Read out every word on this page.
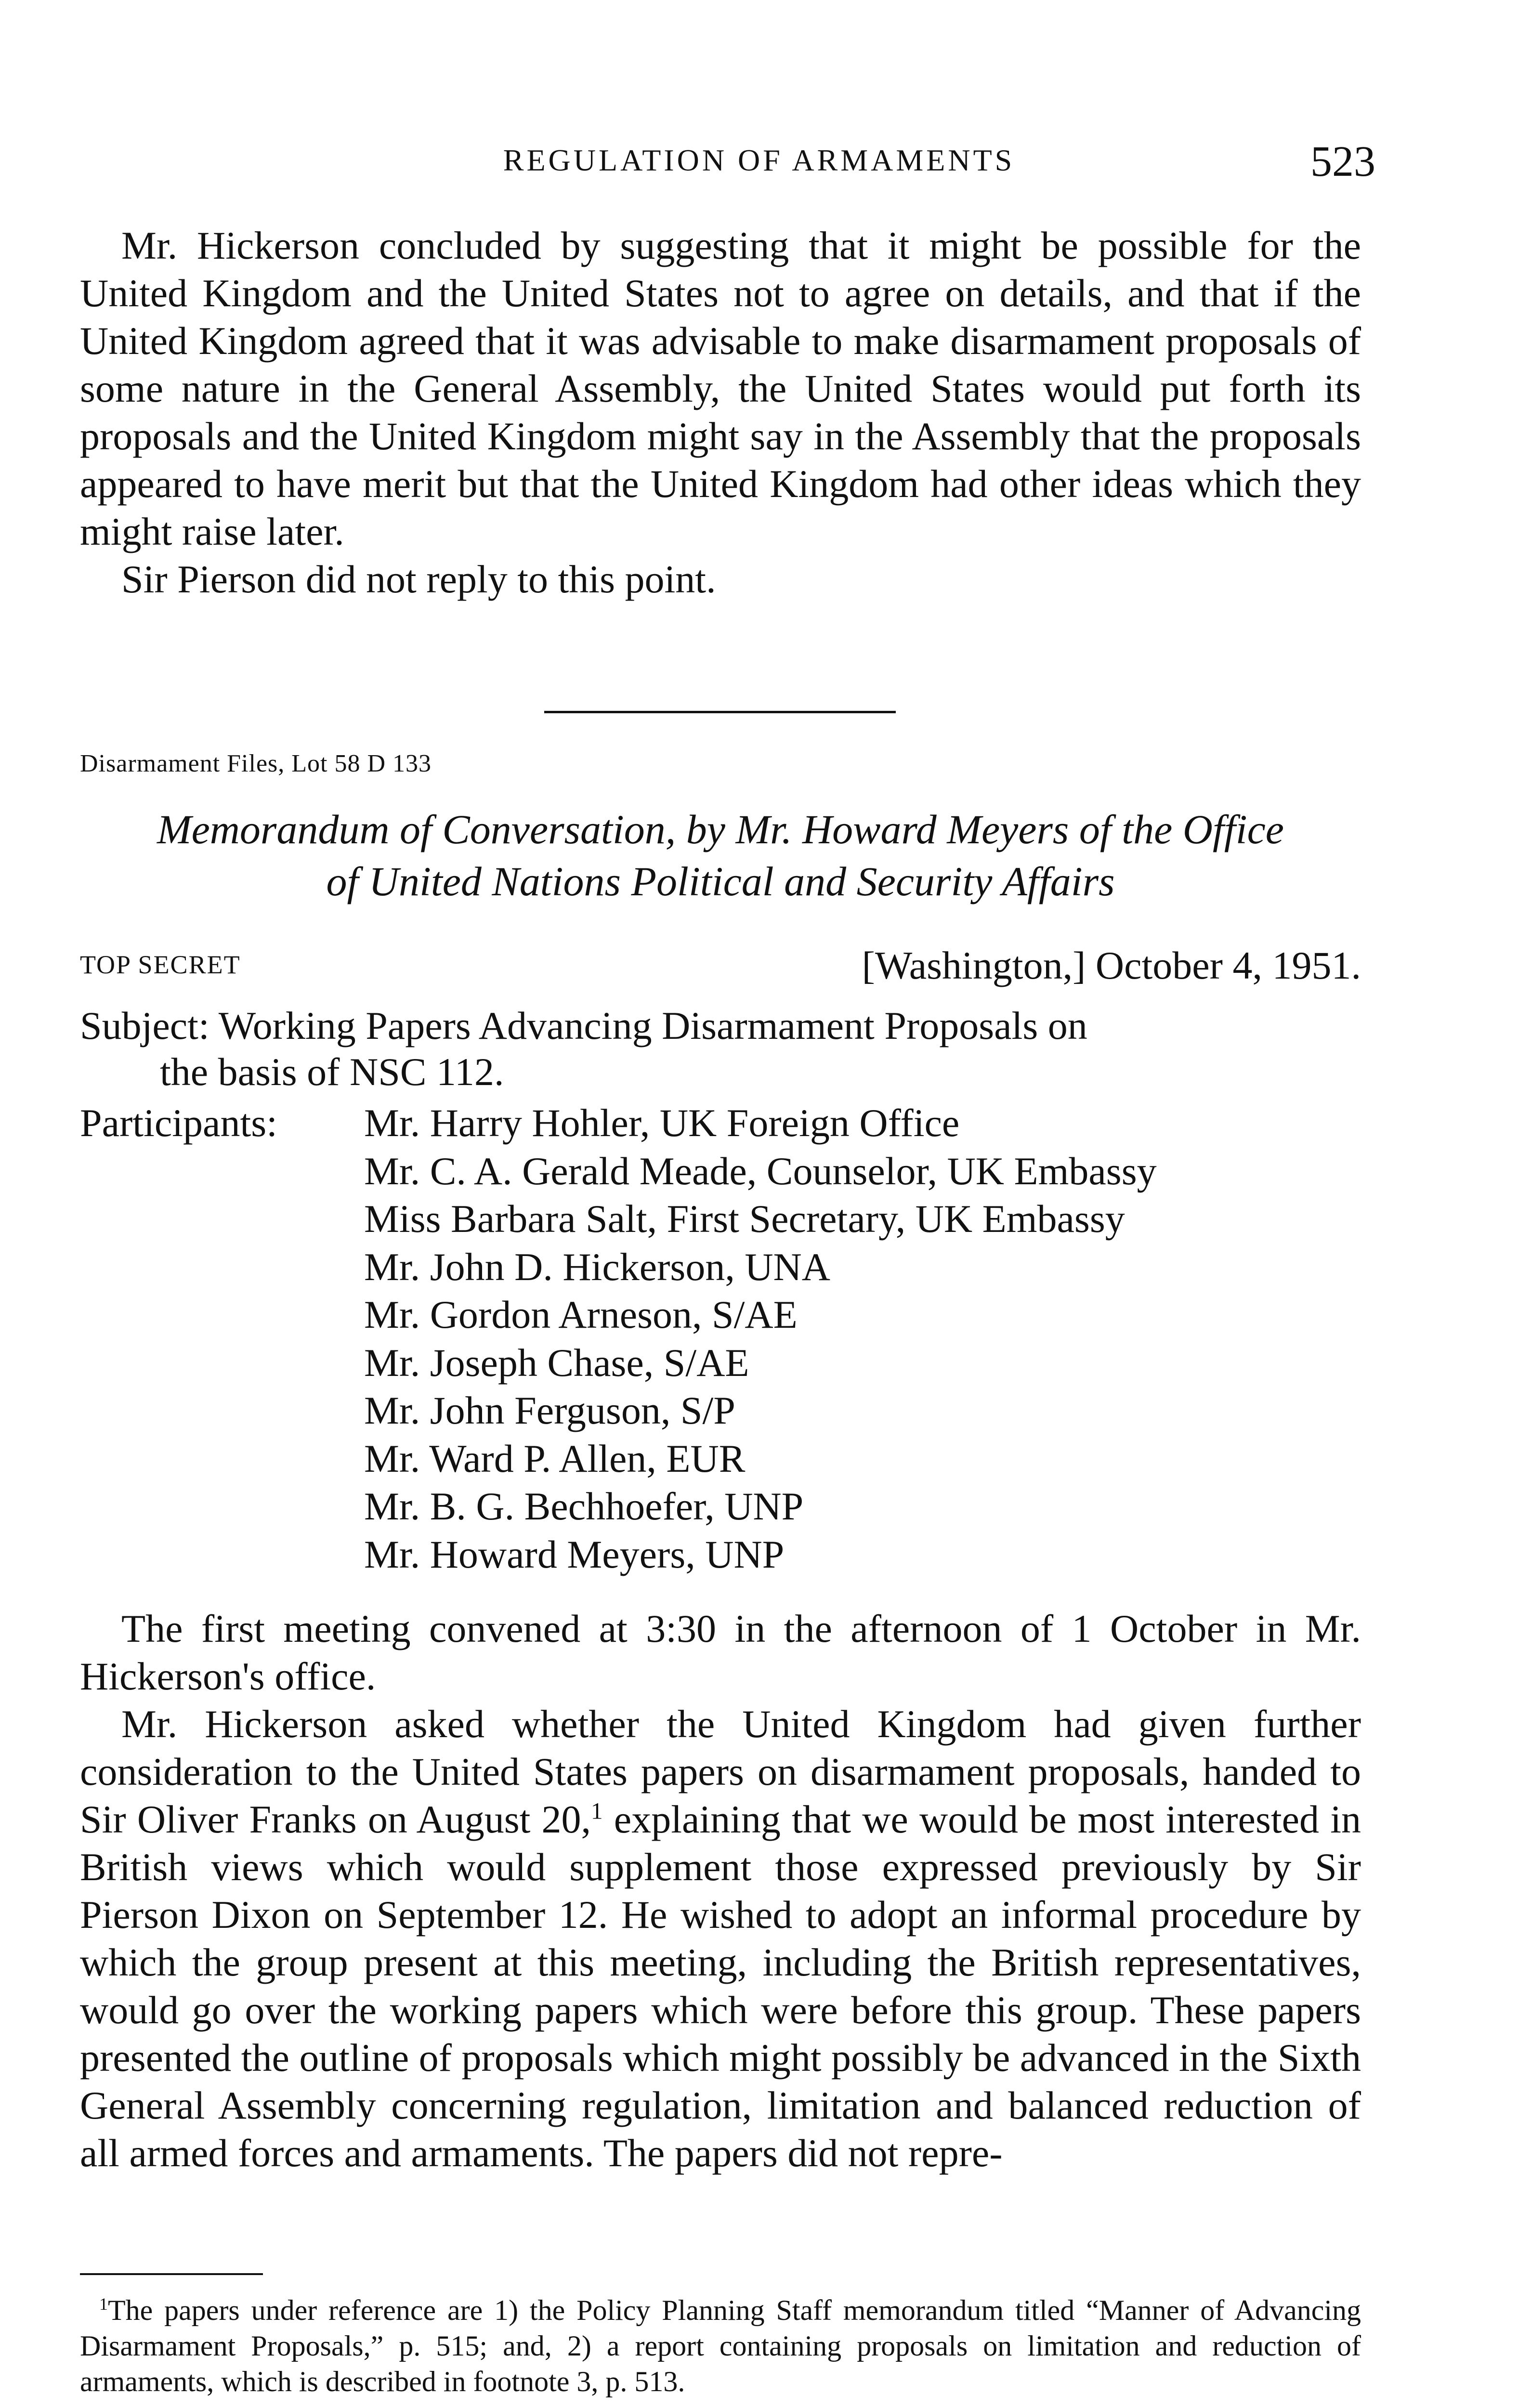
REGULATION OF ARMAMENTS	523

Mr. Hickerson concluded by suggesting that it might be possible for the United Kingdom and the United States not to agree on details, and that if the United Kingdom agreed that it was advisable to make disarmament proposals of some nature in the General Assembly, the United States would put forth its proposals and the United Kingdom might say in the Assembly that the proposals appeared to have merit but that the United Kingdom had other ideas which they might raise later.

Sir Pierson did not reply to this point.

Disarmament Files, Lot 58 D 133
Memorandum of Conversation, by Mr. Howard Meyers of the Office
of United Nations Political and Security Affairs
TOP SECRET	[Washington,] October 4, 1951.
Subject: Working Papers Advancing Disarmament Proposals on
the basis of NSC 112.
Participants: Mr. Harry Hohler, UK Foreign Office
Mr. C. A. Gerald Meade, Counselor, UK Embassy
Miss Barbara Salt, First Secretary, UK Embassy
Mr. John D. Hickerson, UNA
Mr. Gordon Arneson, S/AE
Mr. Joseph Chase, S/AE
Mr. John Ferguson, S/P
Mr. Ward P. Allen, EUR
Mr. B. G. Bechhoefer, UNP
Mr. Howard Meyers, UNP

The first meeting convened at 3:30 in the afternoon of 1 October in Mr. Hickerson's office.

Mr. Hickerson asked whether the United Kingdom had given further consideration to the United States papers on disarmament proposals, handed to Sir Oliver Franks on August 20,$^1$ explaining that we would be most interested in British views which would supplement those expressed previously by Sir Pierson Dixon on September 12. He wished to adopt an informal procedure by which the group present at this meeting, including the British representatives, would go over the working papers which were before this group. These papers presented the outline of proposals which might possibly be advanced in the Sixth General Assembly concerning regulation, limitation and balanced reduction of all armed forces and armaments. The papers did not repre-

$^1$The papers under reference are 1) the Policy Planning Staff memorandum titled “Manner of Advancing Disarmament Proposals,” p. 515; and, 2) a report containing proposals on limitation and reduction of armaments, which is described in footnote 3, p. 513.
